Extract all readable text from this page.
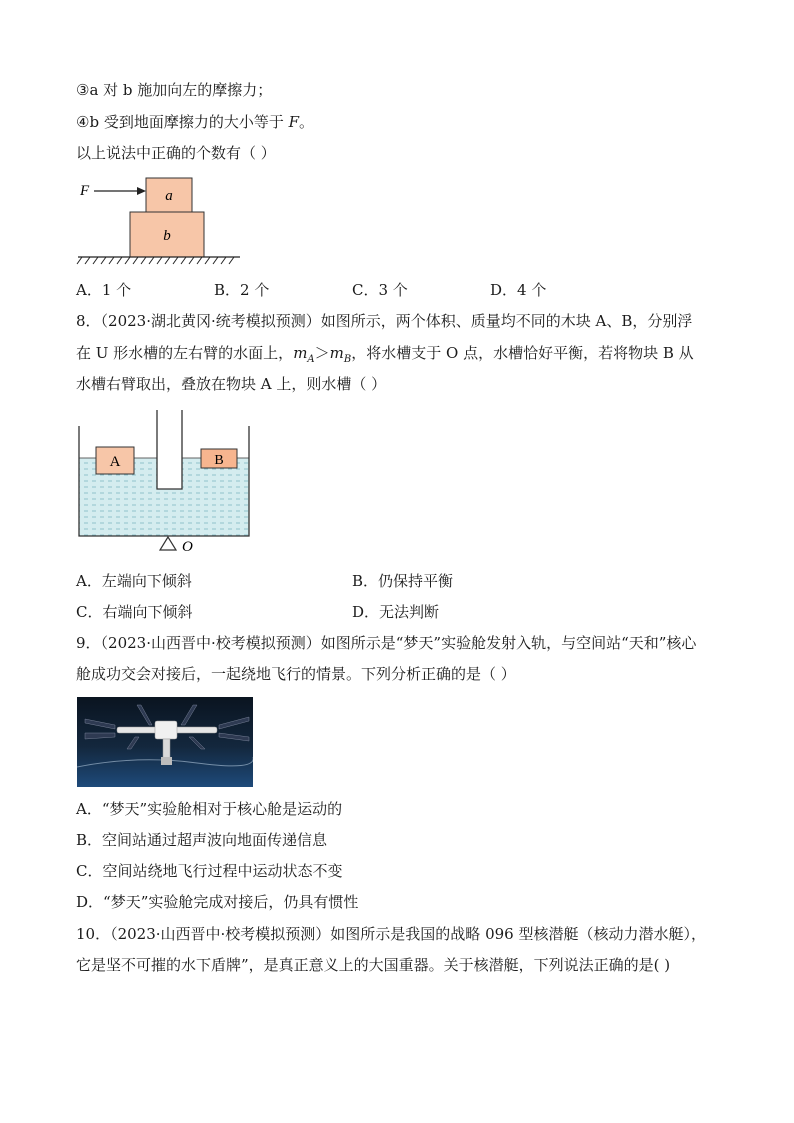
③a 对 b 施加向左的摩擦力；
④b 受到地面摩擦力的大小等于 F。
以上说法中正确的个数有（ ）
F	a
b
A．1 个	B．2 个	C．3 个	D．4 个
8．（2023·湖北黄冈·统考模拟预测）如图所示，两个体积、质量均不同的木块 A、B，分别浮
在 U 形水槽的左右臂的水面上，$m_A>m_B$，将水槽支于 O 点，水槽恰好平衡，若将物块 B 从
水槽右臂取出，叠放在物块 A 上，则水槽（ ）
A	B
O
A．左端向下倾斜	B．仍保持平衡
C．右端向下倾斜	D．无法判断
9．（2023·山西晋中·校考模拟预测）如图所示是“梦天”实验舱发射入轨，与空间站“天和”核心
舱成功交会对接后，一起绕地飞行的情景。下列分析正确的是（ ）
A．“梦天”实验舱相对于核心舱是运动的
B．空间站通过超声波向地面传递信息
C．空间站绕地飞行过程中运动状态不变
D．“梦天”实验舱完成对接后，仍具有惯性
10．（2023·山西晋中·校考模拟预测）如图所示是我国的战略 096 型核潜艇（核动力潜水艇），
它是坚不可摧的水下盾牌”，是真正意义上的大国重器。关于核潜艇，下列说法正确的是( )
